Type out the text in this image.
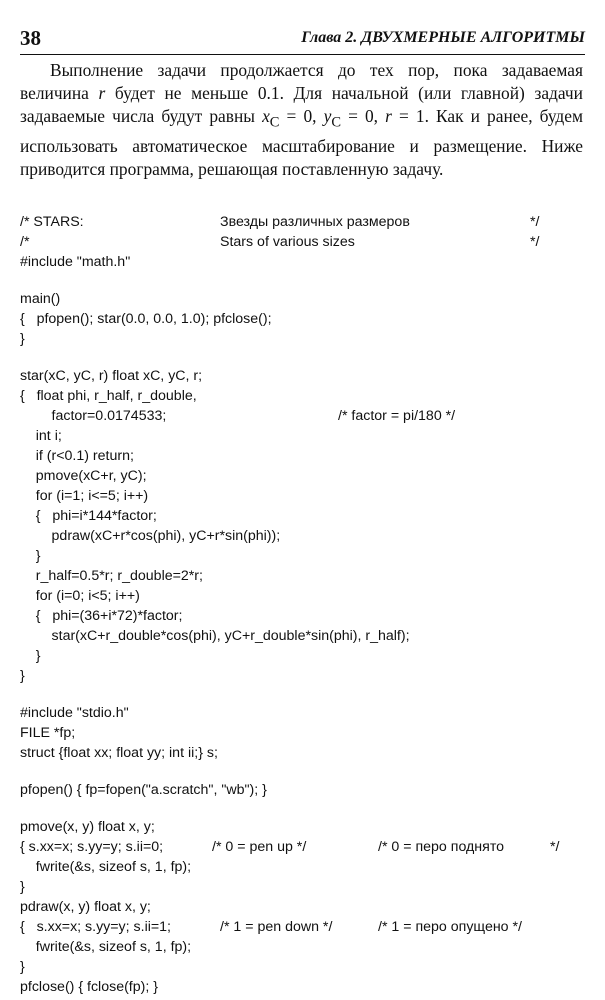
38	Глава 2. ДВУХМЕРНЫЕ АЛГОРИТМЫ

Выполнение задачи продолжается до тех пор, пока задаваемая величина r будет не меньше 0.1. Для начальной (или главной) задачи задаваемые числа будут равны $x_C = 0$, $y_C = 0$, r = 1. Как и ранее, будем использовать автоматическое масштабирование и размещение. Ниже приводится программа, решающая поставленную задачу.

/* STARS:	Звезды различных размеров	*/
/*	Stars of various sizes	*/
#include "math.h"
main()
{   pfopen(); star(0.0, 0.0, 1.0); pfclose();
}
star(xC, yC, r) float xC, yC, r;
{   float phi, r_half, r_double,
factor=0.0174533;	/* factor = pi/180 */
int i;
if (r<0.1) return;
pmove(xC+r, yC);
for (i=1; i<=5; i++)
{   phi=i*144*factor;
pdraw(xC+r*cos(phi), yC+r*sin(phi));
}
r_half=0.5*r; r_double=2*r;
for (i=0; i<5; i++)
{   phi=(36+i*72)*factor;
star(xC+r_double*cos(phi), yC+r_double*sin(phi), r_half);
}
}
#include "stdio.h"
FILE *fp;
struct {float xx; float yy; int ii;} s;
pfopen() { fp=fopen("a.scratch", "wb"); }
pmove(x, y) float x, y;
{ s.xx=x; s.yy=y; s.ii=0;	/* 0 = pen up */	/* 0 = перо поднято	*/
fwrite(&s, sizeof s, 1, fp);
}
pdraw(x, y) float x, y;
{   s.xx=x; s.yy=y; s.ii=1;	/* 1 = pen down */	/* 1 = перо опущено */
fwrite(&s, sizeof s, 1, fp);
}
pfclose() { fclose(fp); }
